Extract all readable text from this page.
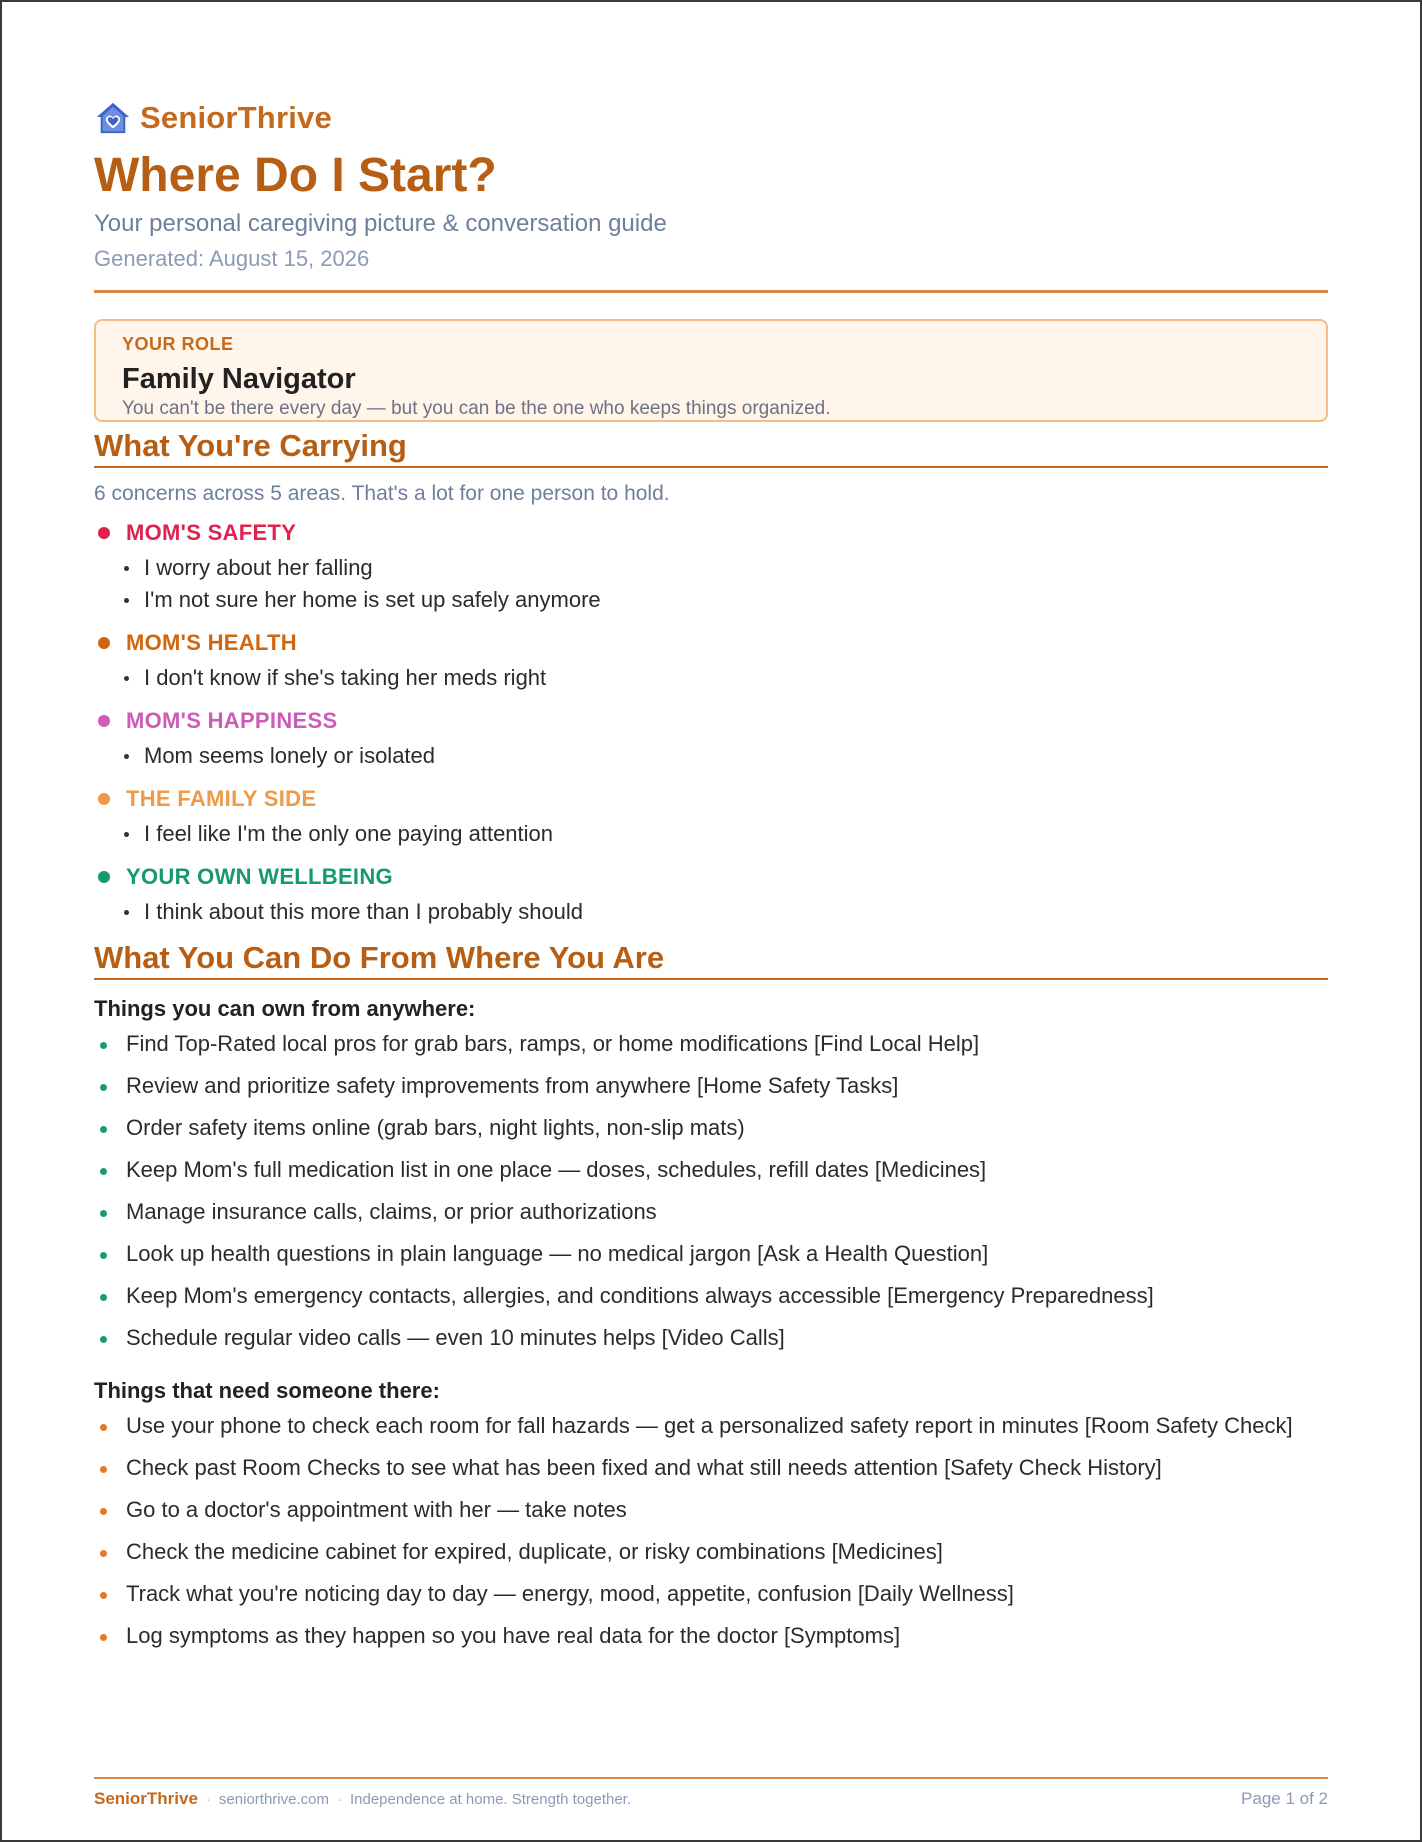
SeniorThrive
Where Do I Start?
Your personal caregiving picture & conversation guide
Generated: August 15, 2026
YOUR ROLE
Family Navigator
You can't be there every day — but you can be the one who keeps things organized.
What You're Carrying
6 concerns across 5 areas. That's a lot for one person to hold.
MOM'S SAFETY
I worry about her falling
I'm not sure her home is set up safely anymore
MOM'S HEALTH
I don't know if she's taking her meds right
MOM'S HAPPINESS
Mom seems lonely or isolated
THE FAMILY SIDE
I feel like I'm the only one paying attention
YOUR OWN WELLBEING
I think about this more than I probably should
What You Can Do From Where You Are
Things you can own from anywhere:
Find Top-Rated local pros for grab bars, ramps, or home modifications [Find Local Help]
Review and prioritize safety improvements from anywhere [Home Safety Tasks]
Order safety items online (grab bars, night lights, non-slip mats)
Keep Mom's full medication list in one place — doses, schedules, refill dates [Medicines]
Manage insurance calls, claims, or prior authorizations
Look up health questions in plain language — no medical jargon [Ask a Health Question]
Keep Mom's emergency contacts, allergies, and conditions always accessible [Emergency Preparedness]
Schedule regular video calls — even 10 minutes helps [Video Calls]
Things that need someone there:
Use your phone to check each room for fall hazards — get a personalized safety report in minutes [Room Safety Check]
Check past Room Checks to see what has been fixed and what still needs attention [Safety Check History]
Go to a doctor's appointment with her — take notes
Check the medicine cabinet for expired, duplicate, or risky combinations [Medicines]
Track what you're noticing day to day — energy, mood, appetite, confusion [Daily Wellness]
Log symptoms as they happen so you have real data for the doctor [Symptoms]
SeniorThrive · seniorthrive.com · Independence at home. Strength together.	Page 1 of 2
